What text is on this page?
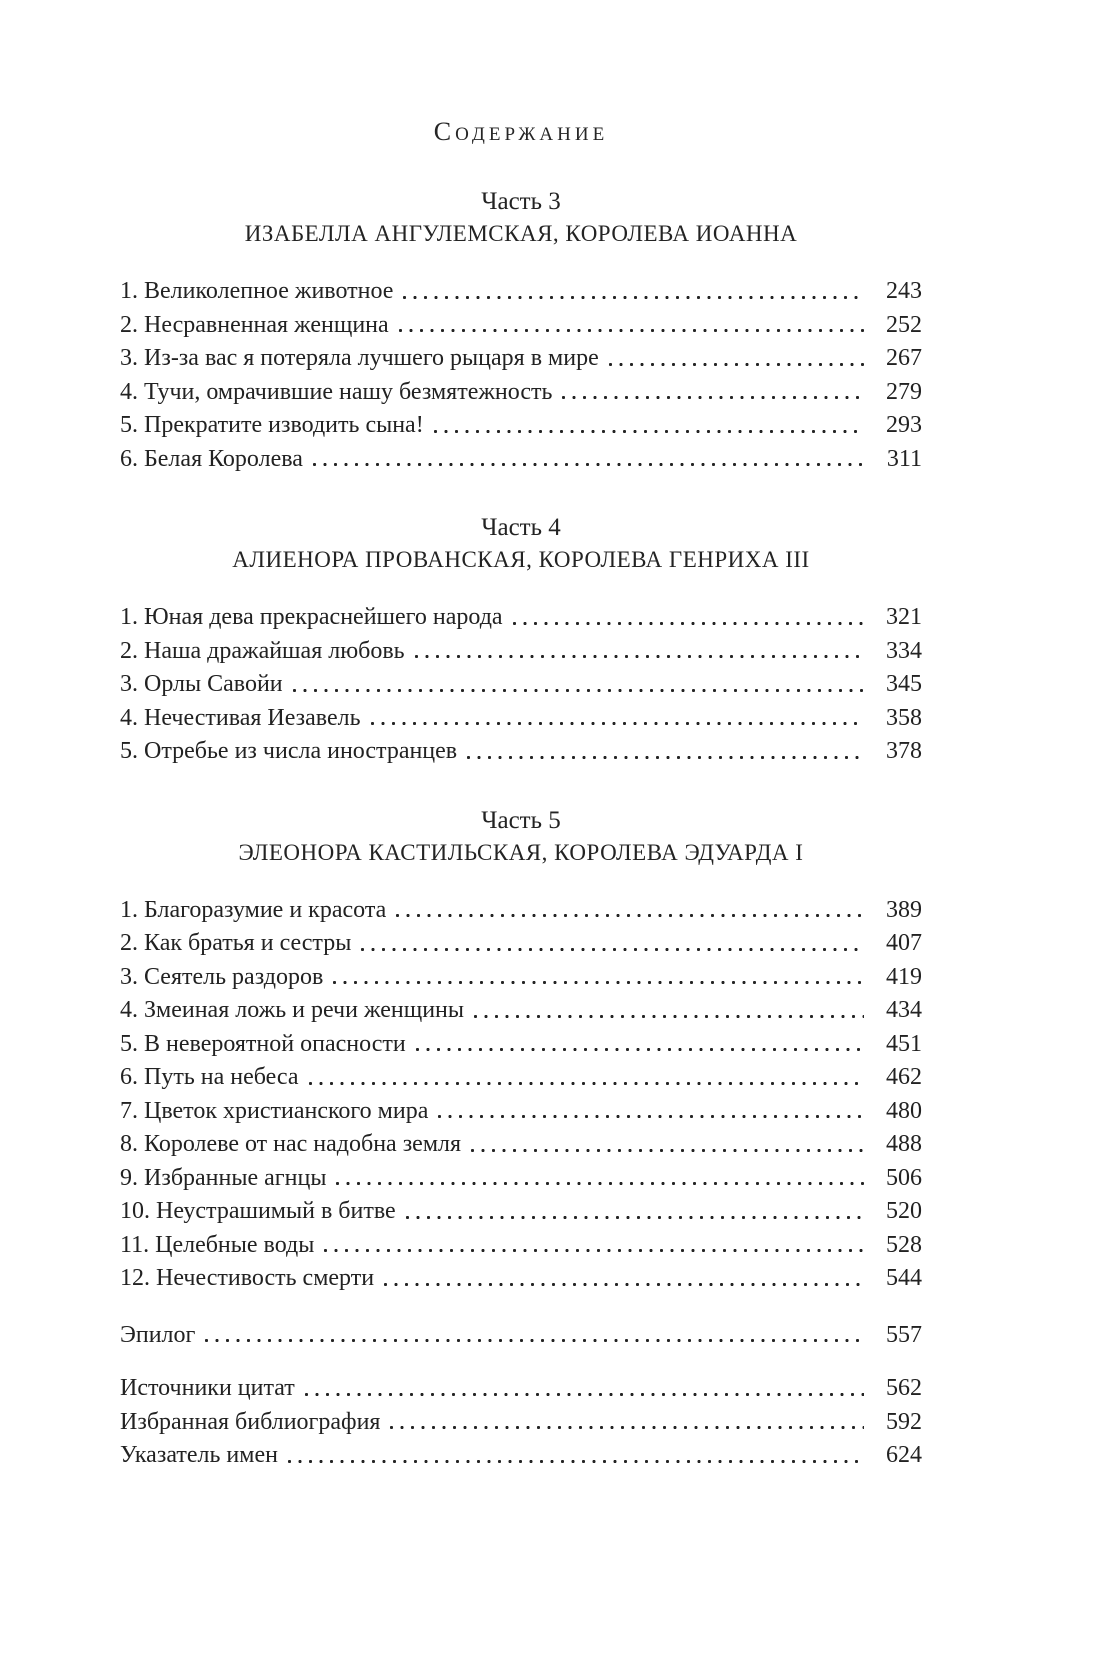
СОДЕРЖАНИЕ
Часть 3
ИЗАБЕЛЛА АНГУЛЕМСКАЯ, КОРОЛЕВА ИОАННА
1. Великолепное животное	243
2. Несравненная женщина	252
3. Из-за вас я потеряла лучшего рыцаря в мире	267
4. Тучи, омрачившие нашу безмятежность	279
5. Прекратите изводить сына!	293
6. Белая Королева	311
Часть 4
АЛИЕНОРА ПРОВАНСКАЯ, КОРОЛЕВА ГЕНРИХА III
1. Юная дева прекраснейшего народа	321
2. Наша дражайшая любовь	334
3. Орлы Савойи	345
4. Нечестивая Иезавель	358
5. Отребье из числа иностранцев	378
Часть 5
ЭЛЕОНОРА КАСТИЛЬСКАЯ, КОРОЛЕВА ЭДУАРДА I
1. Благоразумие и красота	389
2. Как братья и сестры	407
3. Сеятель раздоров	419
4. Змеиная ложь и речи женщины	434
5. В невероятной опасности	451
6. Путь на небеса	462
7. Цветок христианского мира	480
8. Королеве от нас надобна земля	488
9. Избранные агнцы	506
10. Неустрашимый в битве	520
11. Целебные воды	528
12. Нечестивость смерти	544
Эпилог	557
Источники цитат	562
Избранная библиография	592
Указатель имен	624
